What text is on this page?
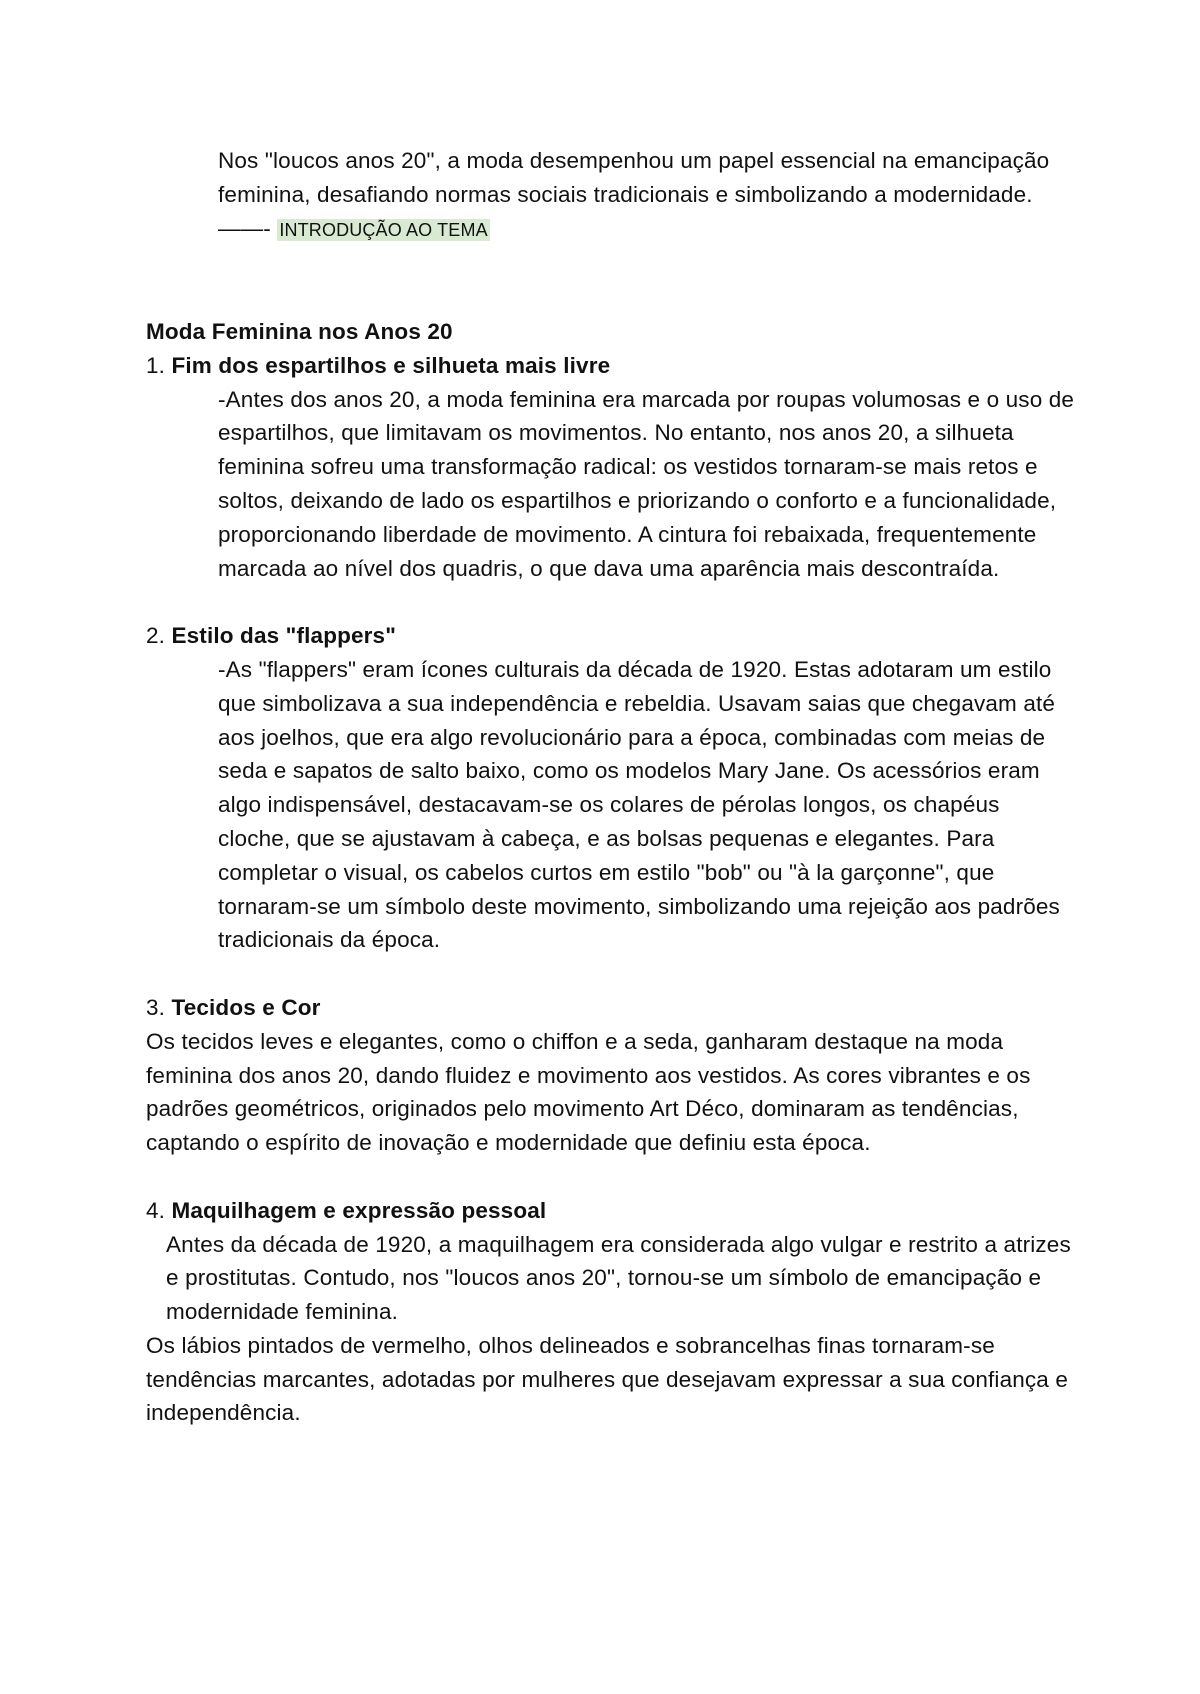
Nos "loucos anos 20", a moda desempenhou um papel essencial na emancipação feminina, desafiando normas sociais tradicionais e simbolizando a modernidade.——- INTRODUÇÃO AO TEMA

Moda Feminina nos Anos 20

1. Fim dos espartilhos e silhueta mais livre

-Antes dos anos 20, a moda feminina era marcada por roupas volumosas e o uso de espartilhos, que limitavam os movimentos. No entanto, nos anos 20, a silhueta feminina sofreu uma transformação radical: os vestidos tornaram-se mais retos e soltos, deixando de lado os espartilhos e priorizando o conforto e a funcionalidade, proporcionando liberdade de movimento. A cintura foi rebaixada, frequentemente marcada ao nível dos quadris, o que dava uma aparência mais descontraída.

2. Estilo das "flappers"

-As "flappers" eram ícones culturais da década de 1920. Estas adotaram um estilo que simbolizava a sua independência e rebeldia. Usavam saias que chegavam até aos joelhos, que era algo revolucionário para a época, combinadas com meias de seda e sapatos de salto baixo, como os modelos Mary Jane. Os acessórios eram algo indispensável, destacavam-se os colares de pérolas longos, os chapéus cloche, que se ajustavam à cabeça, e as bolsas pequenas e elegantes. Para completar o visual, os cabelos curtos em estilo "bob" ou "à la garçonne", que tornaram-se um símbolo deste movimento, simbolizando uma rejeição aos padrões tradicionais da época.

3. Tecidos e Cor

Os tecidos leves e elegantes, como o chiffon e a seda, ganharam destaque na moda feminina dos anos 20, dando fluidez e movimento aos vestidos. As cores vibrantes e os padrões geométricos, originados pelo movimento Art Déco, dominaram as tendências, captando o espírito de inovação e modernidade que definiu esta época.

4. Maquilhagem e expressão pessoal

Antes da década de 1920, a maquilhagem era considerada algo vulgar e restrito a atrizes e prostitutas. Contudo, nos "loucos anos 20", tornou-se um símbolo de emancipação e modernidade feminina.

Os lábios pintados de vermelho, olhos delineados e sobrancelhas finas tornaram-se tendências marcantes, adotadas por mulheres que desejavam expressar a sua confiança e independência.
